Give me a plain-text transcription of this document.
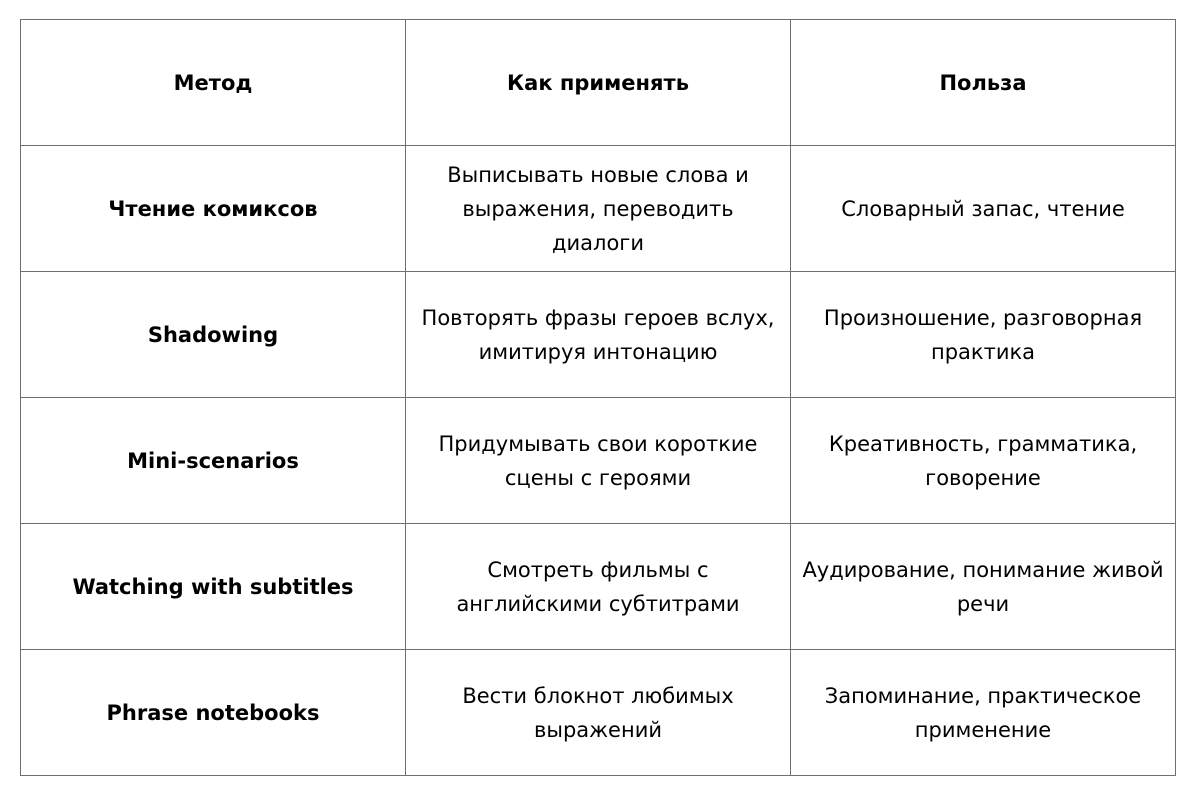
Метод	Как применять	Польза
Чтение комиксов	Выписывать новые слова и выражения, переводить диалоги	Словарный запас, чтение
Shadowing	Повторять фразы героев вслух, имитируя интонацию	Произношение, разговорная практика
Mini-scenarios	Придумывать свои короткие сцены с героями	Креативность, грамматика, говорение
Watching with subtitles	Смотреть фильмы с английскими субтитрами	Аудирование, понимание живой речи
Phrase notebooks	Вести блокнот любимых выражений	Запоминание, практическое применение
